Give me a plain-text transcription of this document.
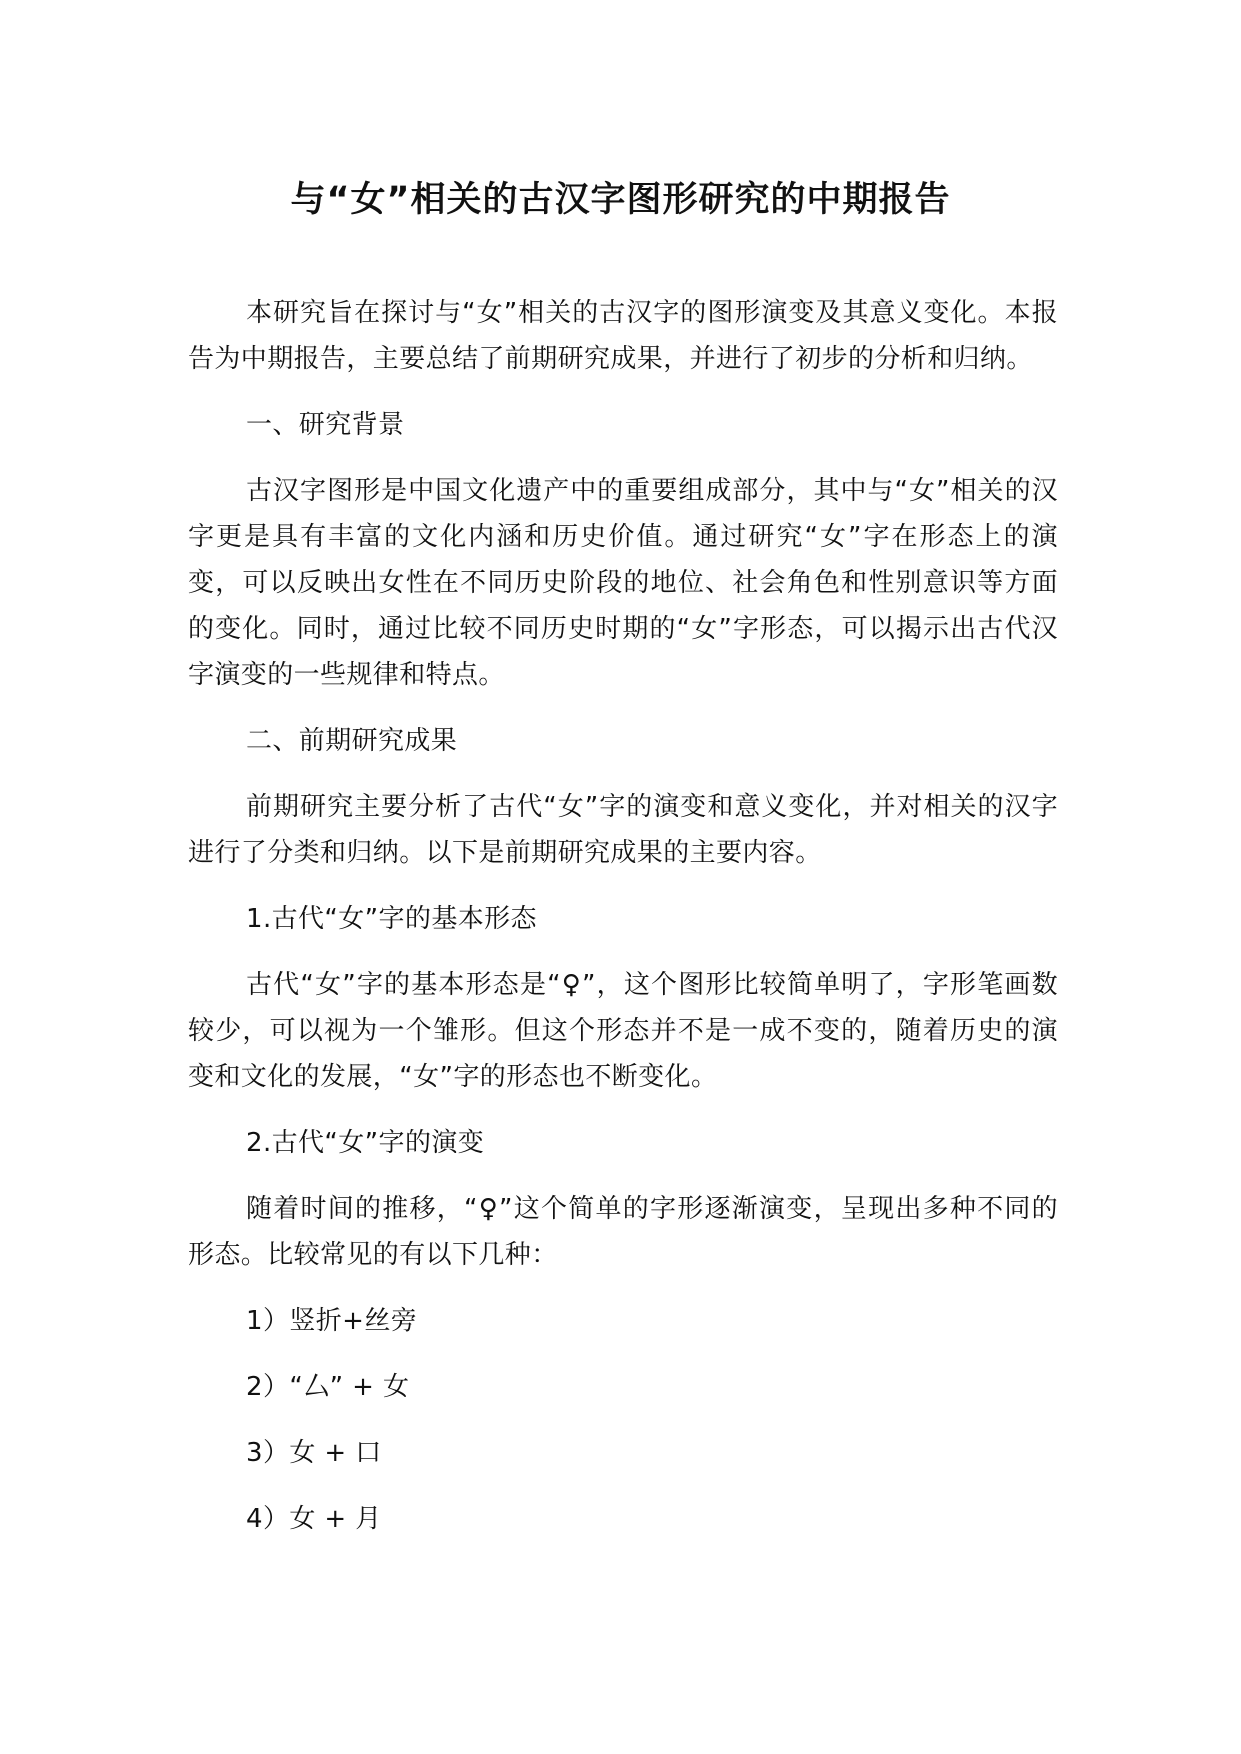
与“女”相关的古汉字图形研究的中期报告

本研究旨在探讨与“女”相关的古汉字的图形演变及其意义变化。本报告为中期报告，主要总结了前期研究成果，并进行了初步的分析和归纳。

一、研究背景

古汉字图形是中国文化遗产中的重要组成部分，其中与“女”相关的汉字更是具有丰富的文化内涵和历史价值。通过研究“女”字在形态上的演变，可以反映出女性在不同历史阶段的地位、社会角色和性别意识等方面的变化。同时，通过比较不同历史时期的“女”字形态，可以揭示出古代汉字演变的一些规律和特点。

二、前期研究成果

前期研究主要分析了古代“女”字的演变和意义变化，并对相关的汉字进行了分类和归纳。以下是前期研究成果的主要内容。

1.古代“女”字的基本形态

古代“女”字的基本形态是“♀”，这个图形比较简单明了，字形笔画数较少，可以视为一个雏形。但这个形态并不是一成不变的，随着历史的演变和文化的发展，“女”字的形态也不断变化。

2.古代“女”字的演变

随着时间的推移，“♀”这个简单的字形逐渐演变，呈现出多种不同的形态。比较常见的有以下几种：

1）竖折+丝旁

2）“厶” + 女

3）女 + 口

4）女 + 月
